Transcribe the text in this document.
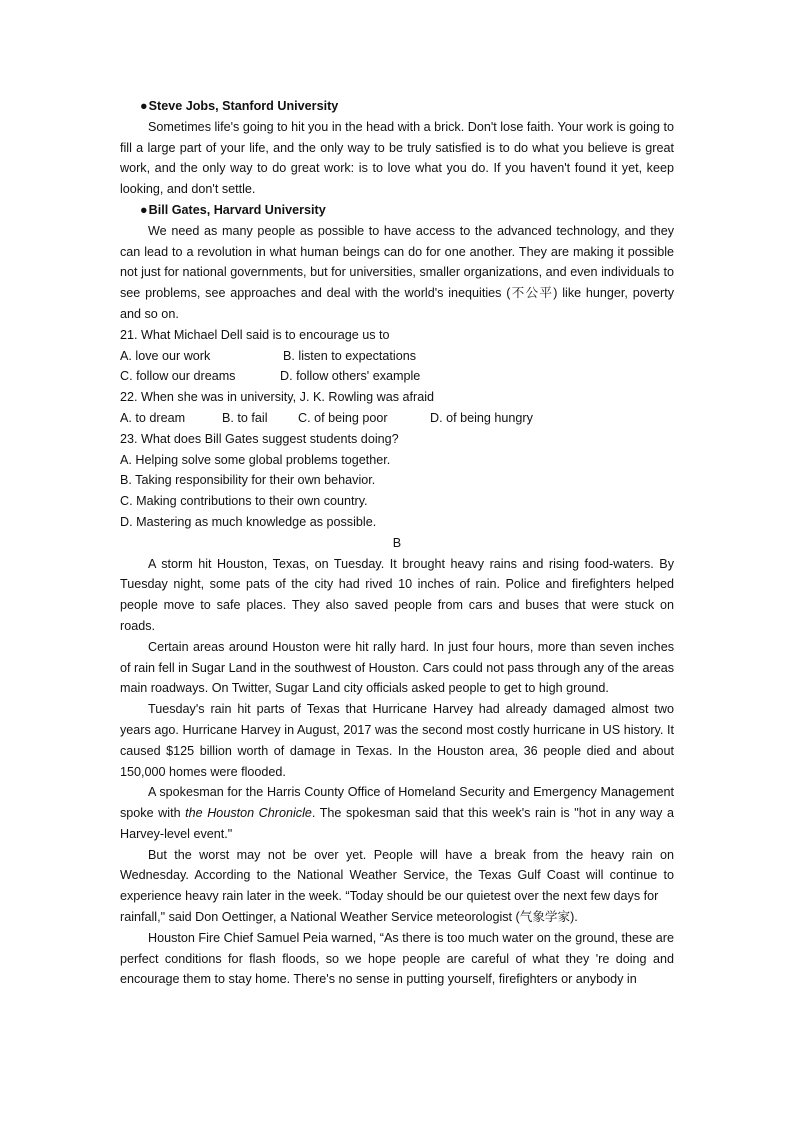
●Steve Jobs, Stanford University

Sometimes life's going to hit you in the head with a brick. Don't lose faith. Your work is going to fill a large part of your life, and the only way to be truly satisfied is to do what you believe is great work, and the only way to do great work: is to love what you do. If you haven't found it yet, keep looking, and don't settle.

●Bill Gates, Harvard University

We need as many people as possible to have access to the advanced technology, and they can lead to a revolution in what human beings can do for one another. They are making it possible not just for national governments, but for universities, smaller organizations, and even individuals to see problems, see approaches and deal with the world's inequities (不公平) like hunger, poverty and so on.

21. What Michael Dell said is to encourage us to

A. love our work	B. listen to expectations
C. follow our dreams	D. follow others' example

22. When she was in university, J. K. Rowling was afraid

A. to dream	B. to fail C. of being poor	D. of being hungry

23. What does Bill Gates suggest students doing?

A. Helping solve some global problems together.

B. Taking responsibility for their own behavior.

C. Making contributions to their own country.

D. Mastering as much knowledge as possible.

B

A storm hit Houston, Texas, on Tuesday. It brought heavy rains and rising food-waters. By Tuesday night, some pats of the city had rived 10 inches of rain. Police and firefighters helped people move to safe places. They also saved people from cars and buses that were stuck on roads.

Certain areas around Houston were hit rally hard. In just four hours, more than seven inches of rain fell in Sugar Land in the southwest of Houston. Cars could not pass through any of the areas main roadways. On Twitter, Sugar Land city officials asked people to get to high ground.

Tuesday's rain hit parts of Texas that Hurricane Harvey had already damaged almost two years ago. Hurricane Harvey in August, 2017 was the second most costly hurricane in US history. It caused $125 billion worth of damage in Texas. In the Houston area, 36 people died and about 150,000 homes were flooded.

A spokesman for the Harris County Office of Homeland Security and Emergency Management spoke with the Houston Chronicle. The spokesman said that this week's rain is "hot in any way a Harvey-level event."

But the worst may not be over yet. People will have a break from the heavy rain on Wednesday. According to the National Weather Service, the Texas Gulf Coast will continue to experience heavy rain later in the week. “Today should be our quietest over the next few days for

rainfall," said Don Oettinger, a National Weather Service meteorologist (气象学家).

Houston Fire Chief Samuel Peia warned, “As there is too much water on the ground, these are perfect conditions for flash floods, so we hope people are careful of what they 're doing and encourage them to stay home. There's no sense in putting yourself, firefighters or anybody in
